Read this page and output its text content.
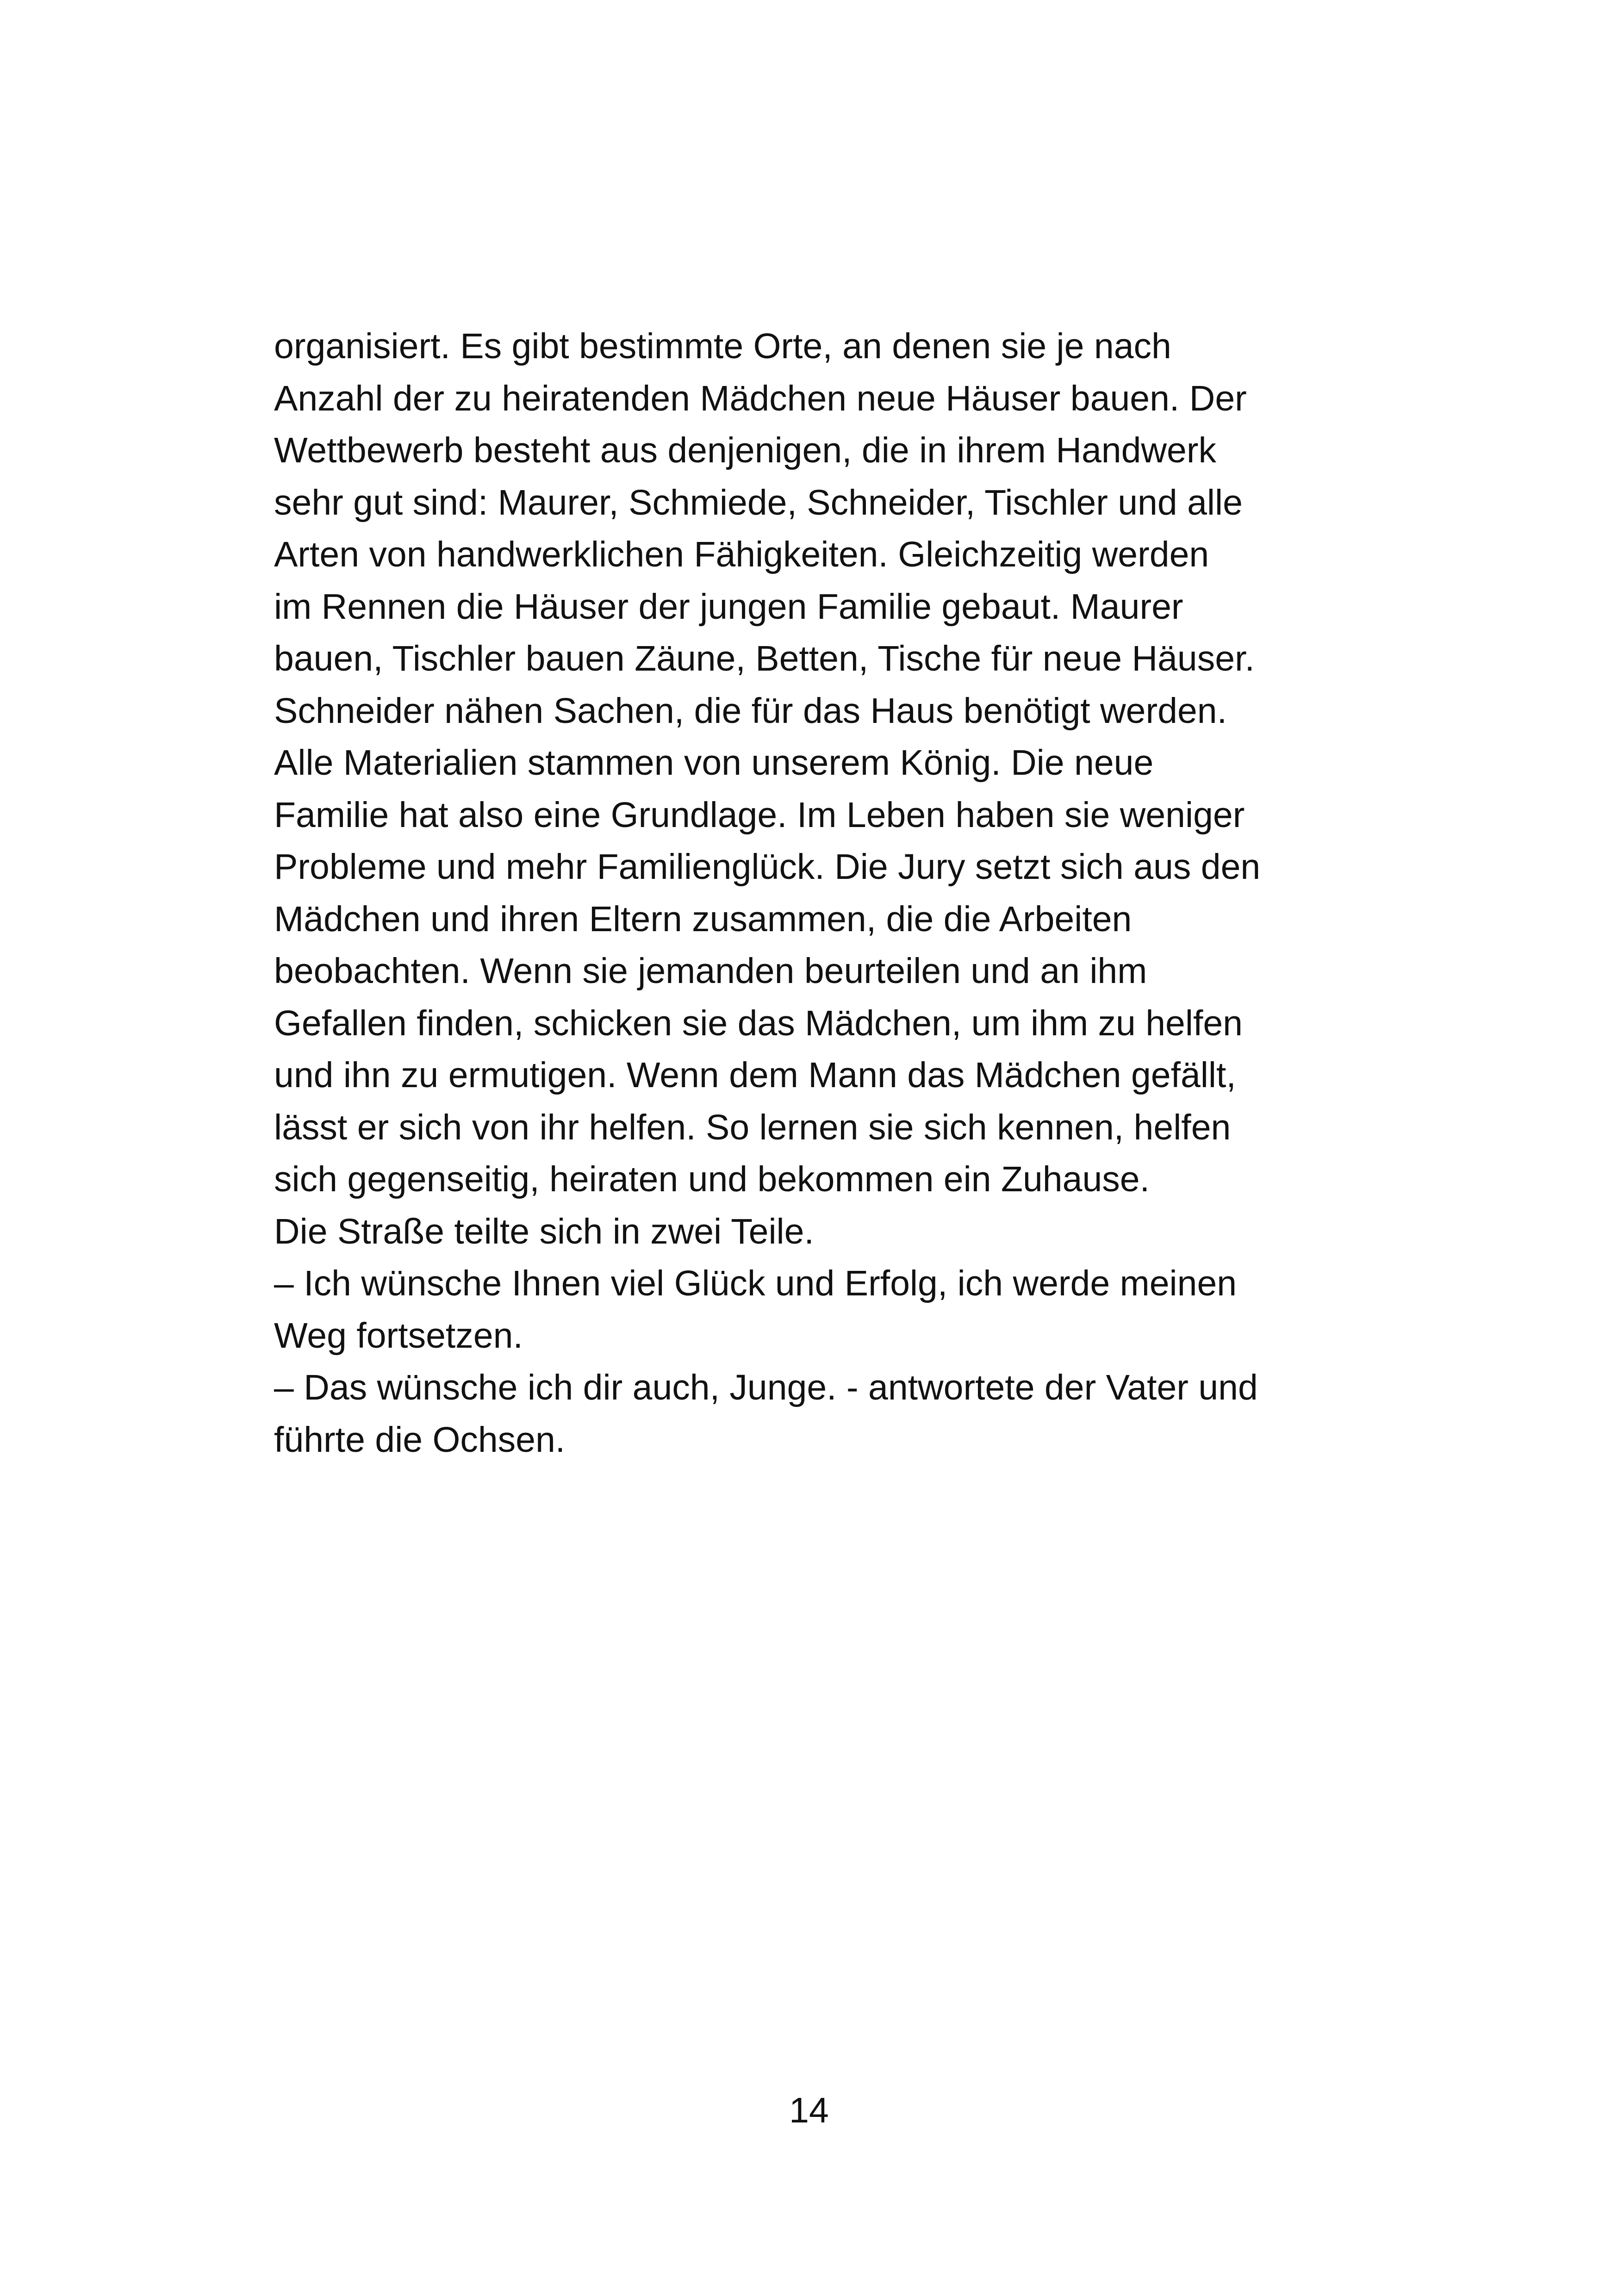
organisiert. Es gibt bestimmte Orte, an denen sie je nach
Anzahl der zu heiratenden Mädchen neue Häuser bauen. Der
Wettbewerb besteht aus denjenigen, die in ihrem Handwerk
sehr gut sind: Maurer, Schmiede, Schneider, Tischler und alle
Arten von handwerklichen Fähigkeiten. Gleichzeitig werden
im Rennen die Häuser der jungen Familie gebaut. Maurer
bauen, Tischler bauen Zäune, Betten, Tische für neue Häuser.
Schneider nähen Sachen, die für das Haus benötigt werden.
Alle Materialien stammen von unserem König. Die neue
Familie hat also eine Grundlage. Im Leben haben sie weniger
Probleme und mehr Familienglück. Die Jury setzt sich aus den
Mädchen und ihren Eltern zusammen, die die Arbeiten
beobachten. Wenn sie jemanden beurteilen und an ihm
Gefallen finden, schicken sie das Mädchen, um ihm zu helfen
und ihn zu ermutigen. Wenn dem Mann das Mädchen gefällt,
lässt er sich von ihr helfen. So lernen sie sich kennen, helfen
sich gegenseitig, heiraten und bekommen ein Zuhause.
Die Straße teilte sich in zwei Teile.
– Ich wünsche Ihnen viel Glück und Erfolg, ich werde meinen
Weg fortsetzen.
– Das wünsche ich dir auch, Junge. - antwortete der Vater und
führte die Ochsen.
14
